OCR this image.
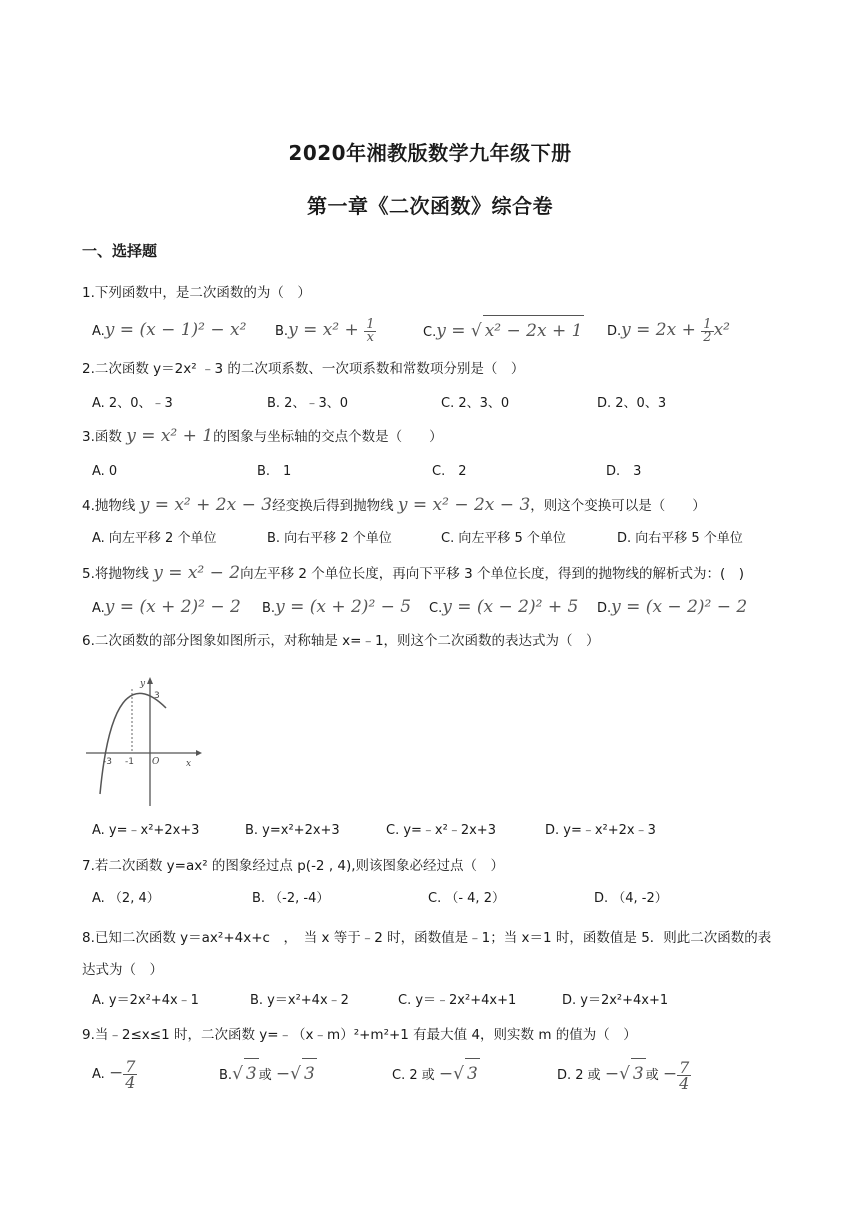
2020年湘教版数学九年级下册
第一章《二次函数》综合卷
一、选择题
1.下列函数中，是二次函数的为（　）
A.y = (x − 1)² − x² $B.y = x^2 + \frac{1}{x}$	C.y = √ x² − 2x + 1 $D.y = 2x + \frac{1}{2} x^2$
2.二次函数 y＝2x² ﹣3 的二次项系数、一次项系数和常数项分别是（　）
A. 2、0、﹣3	B. 2、﹣3、0	C. 2、3、0	D. 2、0、3
3.函数 y = x² + 1的图象与坐标轴的交点个数是（　　）
A. 0	B.　1	C.　2	D.　3
4.抛物线 y = x² + 2x − 3经变换后得到抛物线 y = x² − 2x − 3，则这个变换可以是（　　）
A. 向左平移 2 个单位	B. 向右平移 2 个单位	C. 向左平移 5 个单位	D. 向右平移 5 个单位
5.将抛物线 y = x² − 2向左平移 2 个单位长度，再向下平移 3 个单位长度，得到的抛物线的解析式为：(　)
A.y = (x + 2)² − 2 B.y = (x + 2)² − 5 C.y = (x − 2)² + 5 D.y = (x − 2)² − 2
6.二次函数的部分图象如图所示，对称轴是 x=﹣1，则这个二次函数的表达式为（　）
y
3
-3 -1 O	x
A. y=﹣x²+2x+3	B. y=x²+2x+3	C. y=﹣x²﹣2x+3	D. y=﹣x²+2x﹣3
7.若二次函数 y=ax² 的图象经过点 p(-2 , 4),则该图象必经过点（　）
A. （2, 4）	B. （-2, -4）	C. （- 4, 2）	D. （4, -2）
8.已知二次函数 y＝ax²+4x+c　，　当 x 等于﹣2 时，函数值是﹣1；当 x＝1 时，函数值是 5．则此二次函数的表达式为（　）
A. y＝2x²+4x﹣1	B. y＝x²+4x﹣2	C. y＝﹣2x²+4x+1	D. y＝2x²+4x+1
9.当﹣2≤x≤1 时，二次函数 y=﹣（x﹣m）²+m²+1 有最大值 4，则实数 m 的值为（　）
A. − $\frac{7}{4}$	B.√ 3 或 −√ 3	C. 2 或 −√ 3	D. 2 或 −√ 3 或 − $\frac{7}{4}$
